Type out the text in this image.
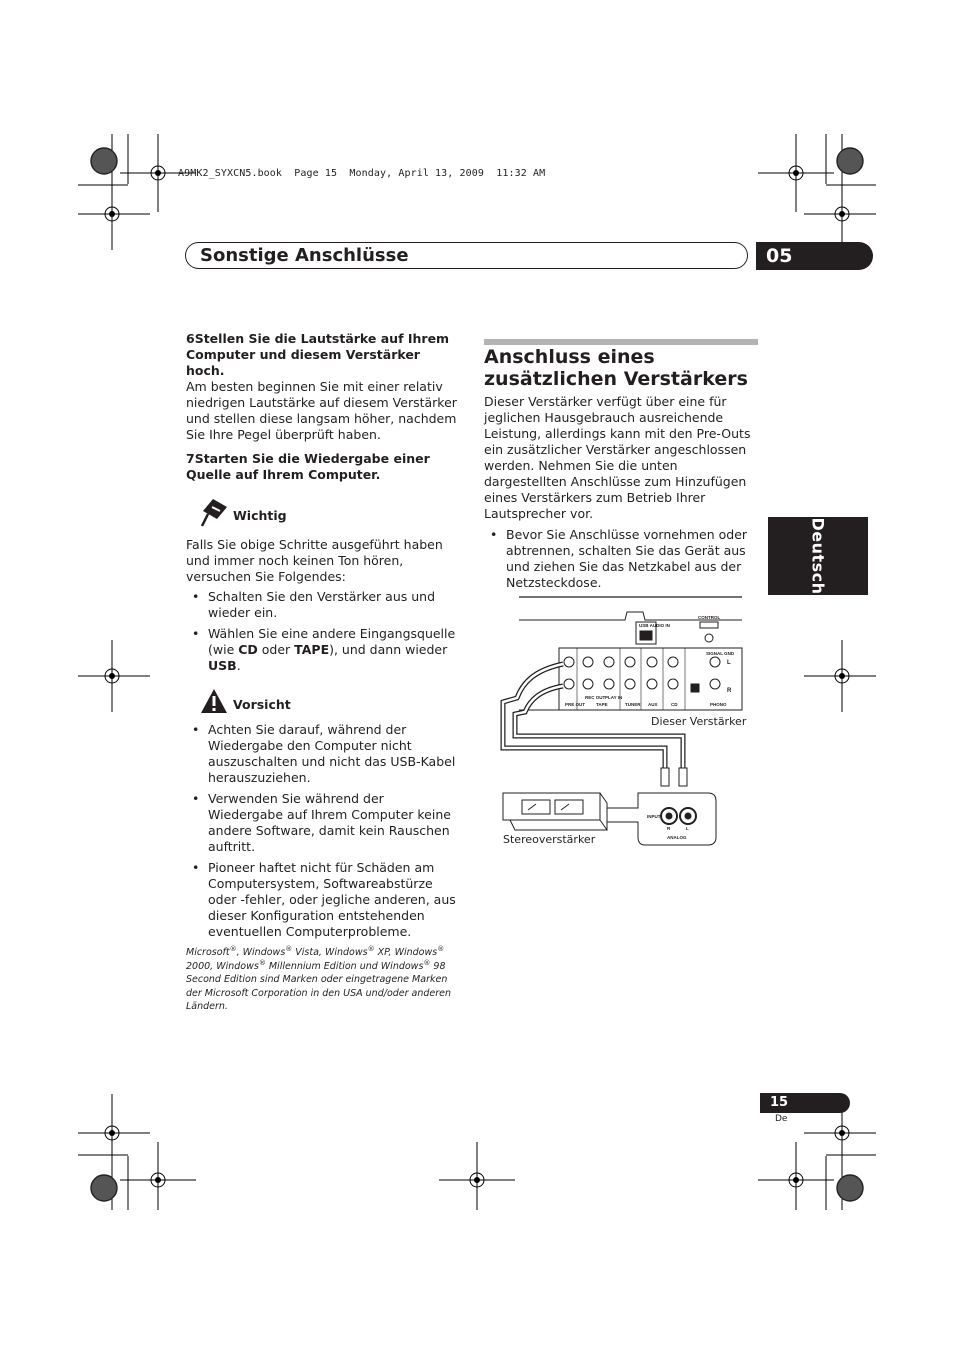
A9MK2_SYXCN5.book  Page 15  Monday, April 13, 2009  11:32 AM
Sonstige Anschlüsse	05
Deutsch

6Stellen Sie die Lautstärke auf Ihrem Computer und diesem Verstärker hoch.

Am besten beginnen Sie mit einer relativ niedrigen Lautstärke auf diesem Verstärker und stellen diese langsam höher, nachdem Sie Ihre Pegel überprüft haben.

7Starten Sie die Wiedergabe einer Quelle auf Ihrem Computer.

Wichtig

Falls Sie obige Schritte ausgeführt haben und immer noch keinen Ton hören, versuchen Sie Folgendes:

• Schalten Sie den Verstärker aus und wieder ein.

• Wählen Sie eine andere Eingangsquelle (wie CD oder TAPE), und dann wieder USB.

Vorsicht

• Achten Sie darauf, während der Wiedergabe den Computer nicht auszuschalten und nicht das USB-Kabel herauszuziehen.

• Verwenden Sie während der Wiedergabe auf Ihrem Computer keine andere Software, damit kein Rauschen auftritt.

• Pioneer haftet nicht für Schäden am Computersystem, Softwareabstürze oder -fehler, oder jegliche anderen, aus dieser Konfiguration entstehenden eventuellen Computerprobleme.

Microsoft®, Windows® Vista, Windows® XP, Windows®
2000, Windows® Millennium Edition und Windows® 98 Second Edition sind Marken oder eingetragene Marken der Microsoft Corporation in den USA und/oder anderen Ländern.

Anschluss eines
zusätzlichen Verstärkers

Dieser Verstärker verfügt über eine für jeglichen Hausgebrauch ausreichende Leistung, allerdings kann mit den Pre-Outs ein zusätzlicher Verstärker angeschlossen werden. Nehmen Sie die unten dargestellten Anschlüsse zum Hinzufügen eines Verstärkers zum Betrieb Ihrer Lautsprecher vor.

• Bevor Sie Anschlüsse vornehmen oder abtrennen, schalten Sie das Gerät aus und ziehen Sie das Netzkabel aus der Netzsteckdose.

USB AUDIO IN
CONTROL
PRE OUT TAPE
REC OUT PLAY IN
TUNER AUX	CD	PHONO
SIGNAL GND
L
R
INPUT
ANALOG
R	L
Dieser Verstärker
Stereoverstärker
15
De
